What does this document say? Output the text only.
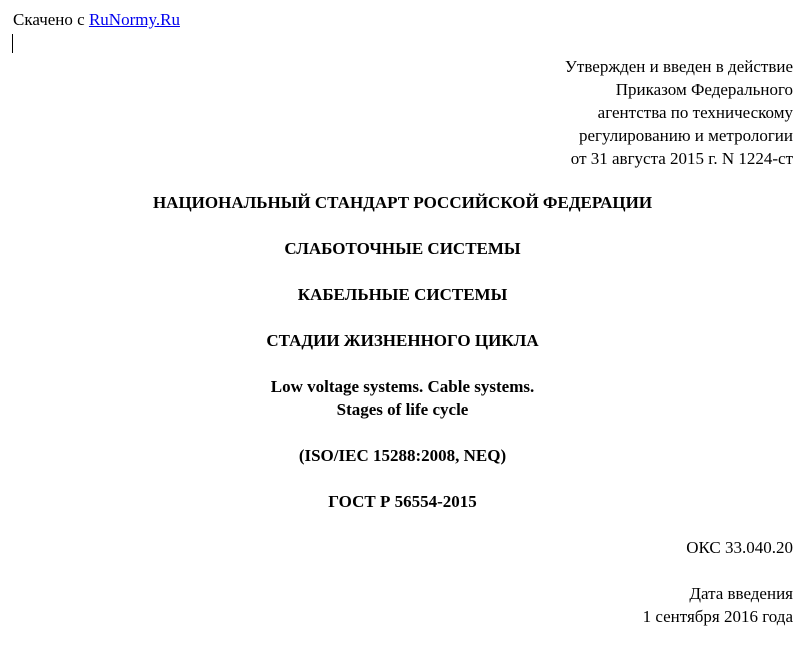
Скачено с RuNormy.Ru
Утвержден и введен в действие
Приказом Федерального
агентства по техническому
регулированию и метрологии
от 31 августа 2015 г. N 1224-ст
НАЦИОНАЛЬНЫЙ СТАНДАРТ РОССИЙСКОЙ ФЕДЕРАЦИИ
СЛАБОТОЧНЫЕ СИСТЕМЫ
КАБЕЛЬНЫЕ СИСТЕМЫ
СТАДИИ ЖИЗНЕННОГО ЦИКЛА
Low voltage systems. Cable systems.
Stages of life cycle
(ISO/IEC 15288:2008, NEQ)
ГОСТ Р 56554-2015
ОКС 33.040.20
Дата введения
1 сентября 2016 года
